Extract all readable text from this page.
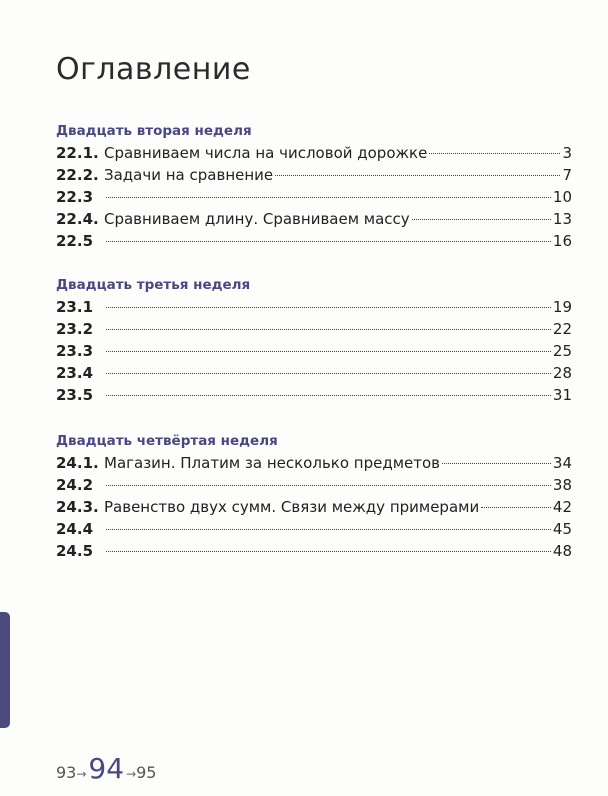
Оглавление
Двадцать вторая неделя
22.1. Сравниваем числа на числовой дорожке	3
22.2. Задачи на сравнение	7
22.3	10
22.4. Сравниваем длину. Сравниваем массу	13
22.5	16
Двадцать третья неделя
23.1	19
23.2	22
23.3	25
23.4	28
23.5	31
Двадцать четвёртая неделя
24.1. Магазин. Платим за несколько предметов	34
24.2	38
24.3. Равенство двух сумм. Связи между примерами	42
24.4	45
24.5	48
93 → 94 → 95
